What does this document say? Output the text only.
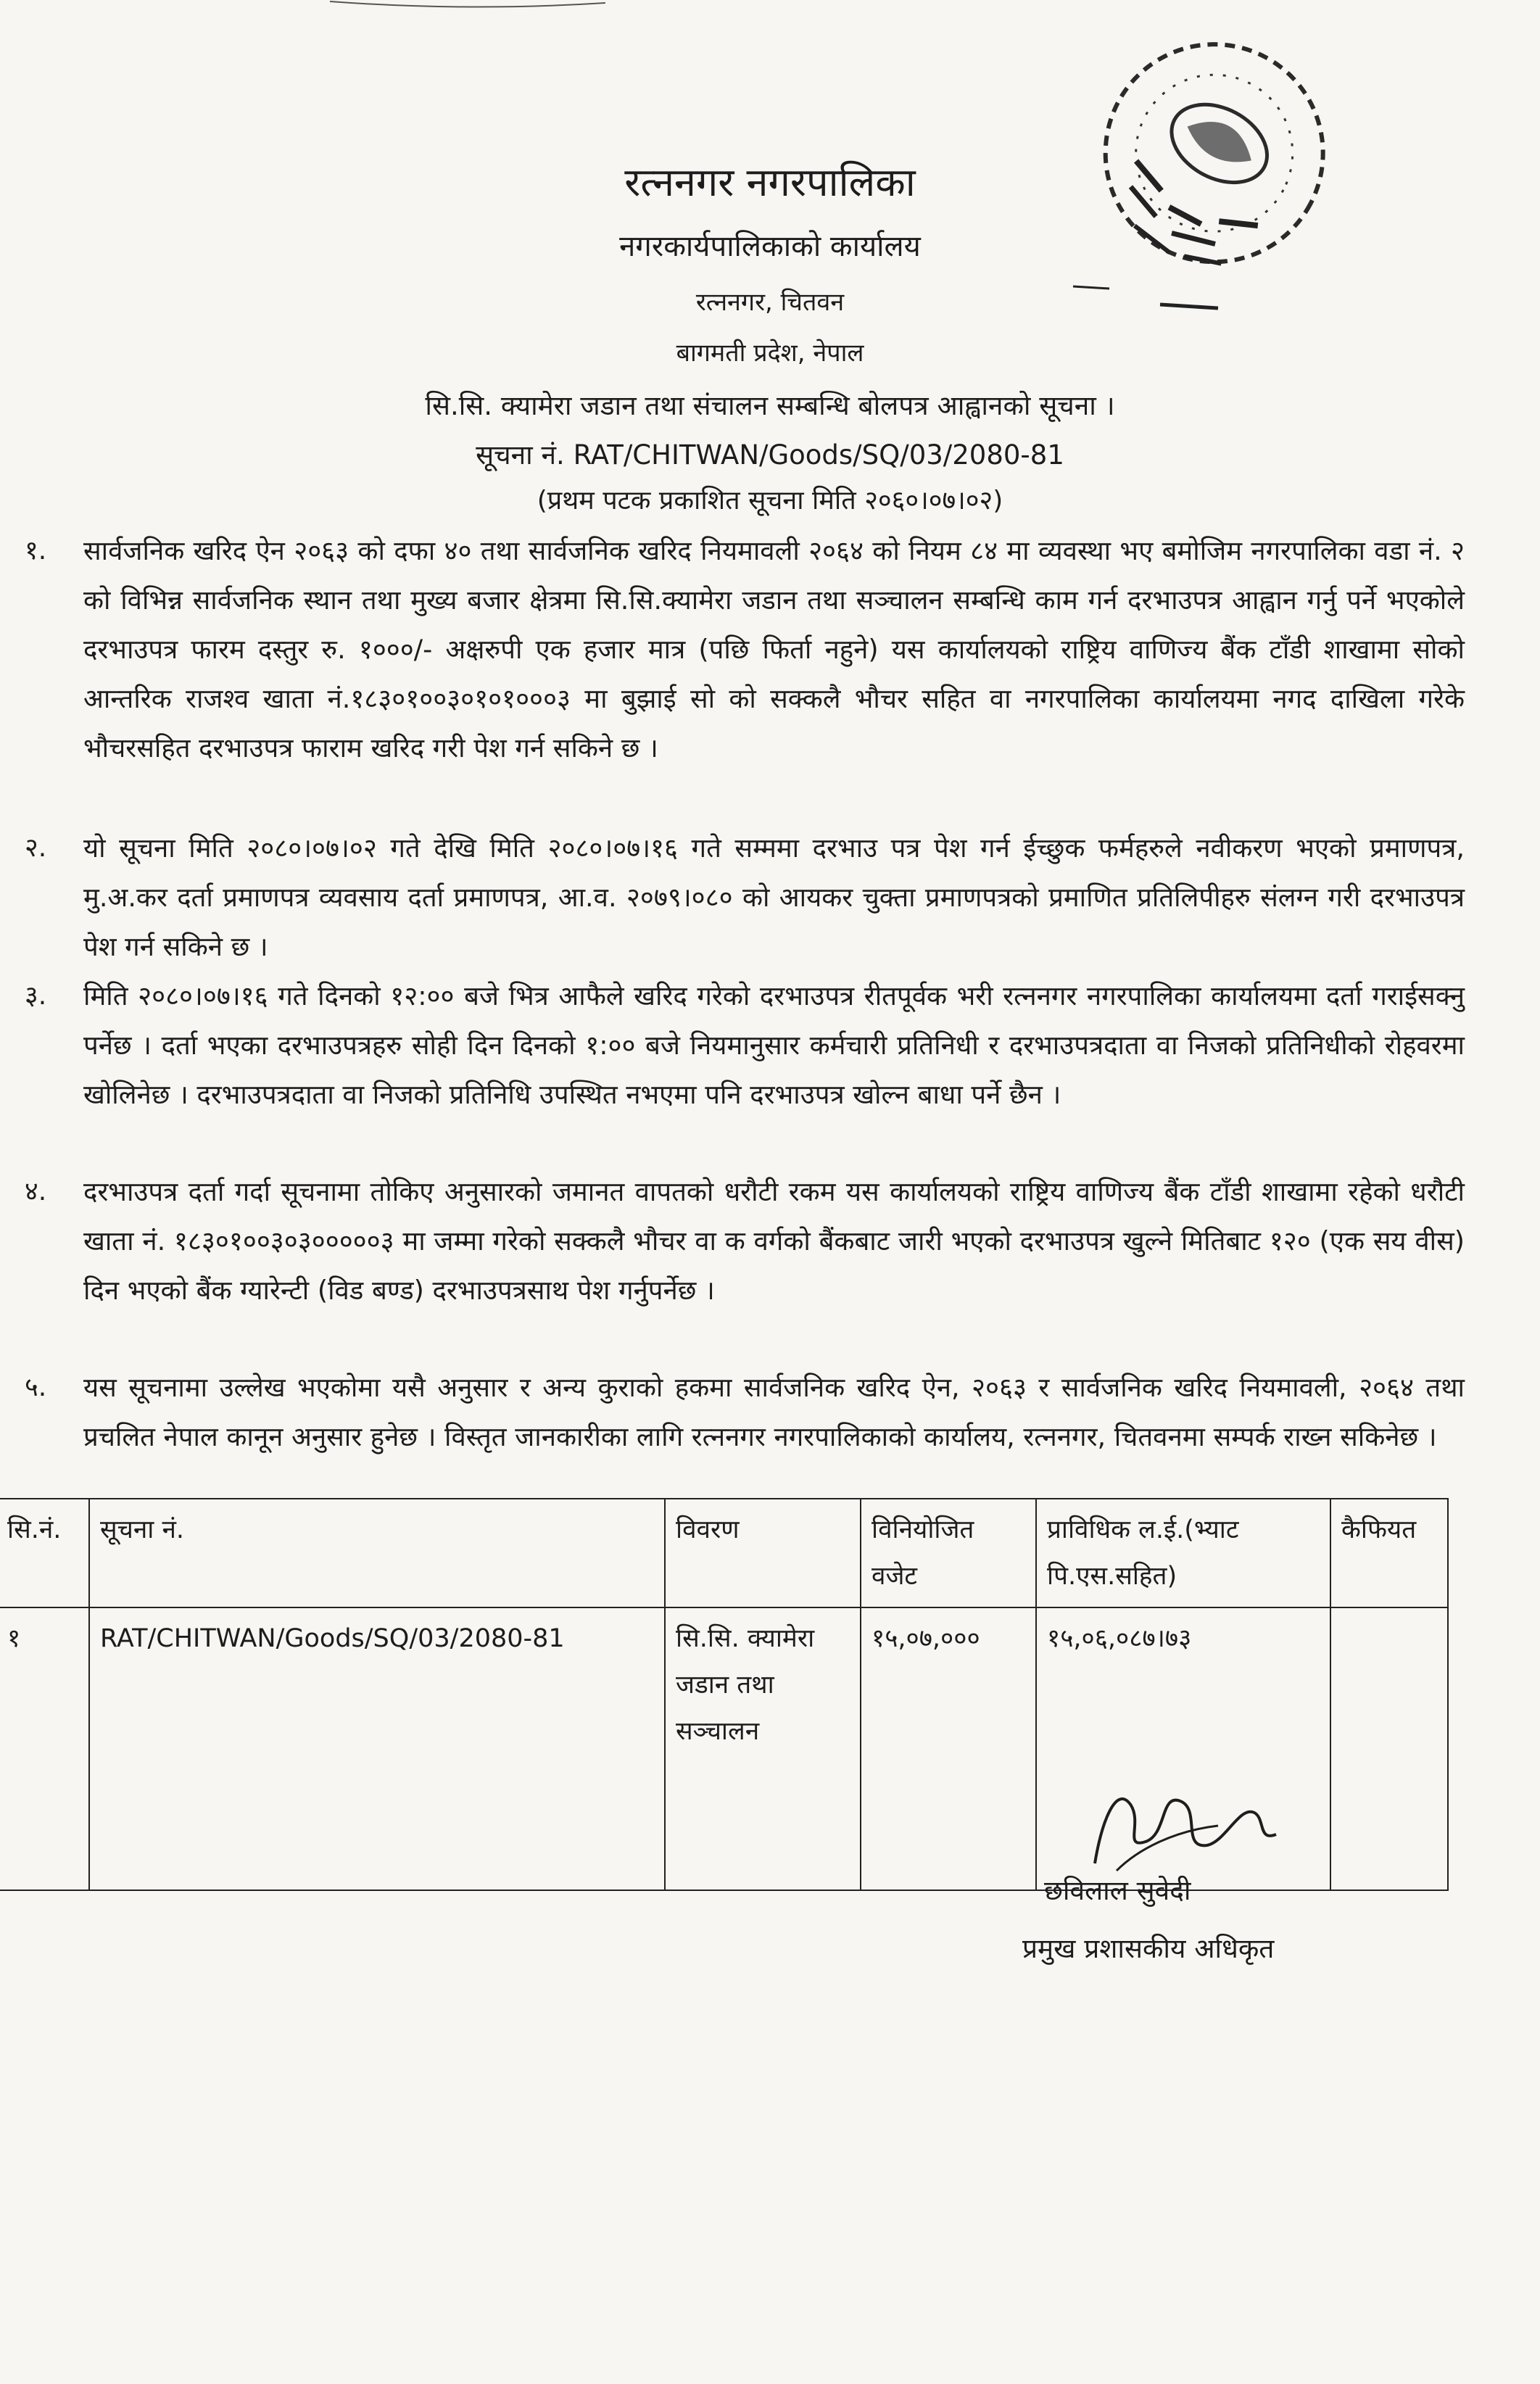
रत्ननगर नगरपालिका
नगरकार्यपालिकाको कार्यालय
रत्ननगर, चितवन
बागमती प्रदेश, नेपाल
सि.सि. क्यामेरा जडान तथा संचालन सम्बन्धि बोलपत्र आह्वानको सूचना ।
सूचना नं. RAT/CHITWAN/Goods/SQ/03/2080-81
(प्रथम पटक प्रकाशित सूचना मिति २०६०।०७।०२)
१. सार्वजनिक खरिद ऐन २०६३ को दफा ४० तथा सार्वजनिक खरिद नियमावली २०६४ को नियम ८४ मा व्यवस्था भए बमोजिम नगरपालिका वडा नं. २ को विभिन्न सार्वजनिक स्थान तथा मुख्य बजार क्षेत्रमा सि.सि.क्यामेरा जडान तथा सञ्चालन सम्बन्धि काम गर्न दरभाउपत्र आह्वान गर्नु पर्ने भएकोले दरभाउपत्र फारम दस्तुर रु. १०००/- अक्षरुपी एक हजार मात्र (पछि फिर्ता नहुने) यस कार्यालयको राष्ट्रिय वाणिज्य बैंक टाँडी शाखामा सोको आन्तरिक राजश्व खाता नं.१८३०१००३०१०१०००३ मा बुझाई सो को सक्कलै भौचर सहित वा नगरपालिका कार्यालयमा नगद दाखिला गरेके भौचरसहित दरभाउपत्र फाराम खरिद गरी पेश गर्न सकिने छ ।
२. यो सूचना मिति २०८०।०७।०२ गते देखि मिति २०८०।०७।१६ गते सम्ममा दरभाउ पत्र पेश गर्न ईच्छुक फर्महरुले नवीकरण भएको प्रमाणपत्र, मु.अ.कर दर्ता प्रमाणपत्र व्यवसाय दर्ता प्रमाणपत्र, आ.व. २०७९।०८० को आयकर चुक्ता प्रमाणपत्रको प्रमाणित प्रतिलिपीहरु संलग्न गरी दरभाउपत्र पेश गर्न सकिने छ ।
३. मिति २०८०।०७।१६ गते दिनको १२:०० बजे भित्र आफैले खरिद गरेको दरभाउपत्र रीतपूर्वक भरी रत्ननगर नगरपालिका कार्यालयमा दर्ता गराईसक्नु पर्नेछ । दर्ता भएका दरभाउपत्रहरु सोही दिन दिनको १:०० बजे नियमानुसार कर्मचारी प्रतिनिधी र दरभाउपत्रदाता वा निजको प्रतिनिधीको रोहवरमा खोलिनेछ । दरभाउपत्रदाता वा निजको प्रतिनिधि उपस्थित नभएमा पनि दरभाउपत्र खोल्न बाधा पर्ने छैन ।
४. दरभाउपत्र दर्ता गर्दा सूचनामा तोकिए अनुसारको जमानत वापतको धरौटी रकम यस कार्यालयको राष्ट्रिय वाणिज्य बैंक टाँडी शाखामा रहेको धरौटी खाता नं. १८३०१००३०३०००००३ मा जम्मा गरेको सक्कलै भौचर वा क वर्गको बैंकबाट जारी भएको दरभाउपत्र खुल्ने मितिबाट १२० (एक सय वीस) दिन भएको बैंक ग्यारेन्टी (विड बण्ड) दरभाउपत्रसाथ पेश गर्नुपर्नेछ ।
५. यस सूचनामा उल्लेख भएकोमा यसै अनुसार र अन्य कुराको हकमा सार्वजनिक खरिद ऐन, २०६३ र सार्वजनिक खरिद नियमावली, २०६४ तथा प्रचलित नेपाल कानून अनुसार हुनेछ । विस्तृत जानकारीका लागि रत्ननगर नगरपालिकाको कार्यालय, रत्ननगर, चितवनमा सम्पर्क राख्न सकिनेछ ।
सि.नं.	सूचना नं.	विवरण	विनियोजित वजेट	प्राविधिक ल.ई.(भ्याट पि.एस.सहित)	कैफियत
१	RAT/CHITWAN/Goods/SQ/03/2080-81	सि.सि. क्यामेरा जडान तथा सञ्चालन	१५,०७,०००	१५,०६,०८७।७३	
छविलाल सुवेदी
प्रमुख प्रशासकीय अधिकृत
